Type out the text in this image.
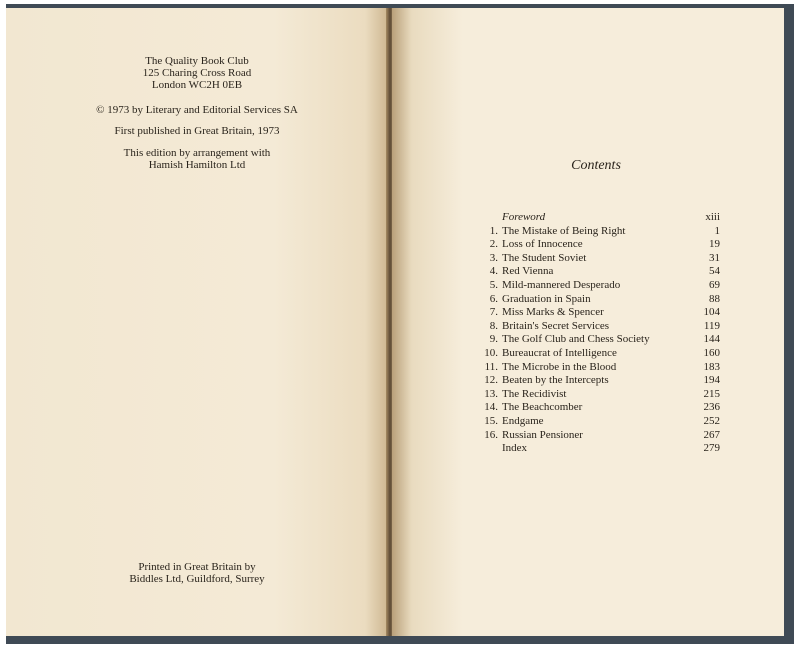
The Quality Book Club
125 Charing Cross Road
London WC2H 0EB
© 1973 by Literary and Editorial Services SA
First published in Great Britain, 1973
This edition by arrangement with
Hamish Hamilton Ltd
Printed in Great Britain by
Biddles Ltd, Guildford, Surrey
Contents
Foreword	xiii
1. The Mistake of Being Right	1
2. Loss of Innocence	19
3. The Student Soviet	31
4. Red Vienna	54
5. Mild-mannered Desperado	69
6. Graduation in Spain	88
7. Miss Marks & Spencer	104
8. Britain's Secret Services	119
9. The Golf Club and Chess Society	144
10. Bureaucrat of Intelligence	160
11. The Microbe in the Blood	183
12. Beaten by the Intercepts	194
13. The Recidivist	215
14. The Beachcomber	236
15. Endgame	252
16. Russian Pensioner	267
Index	279
